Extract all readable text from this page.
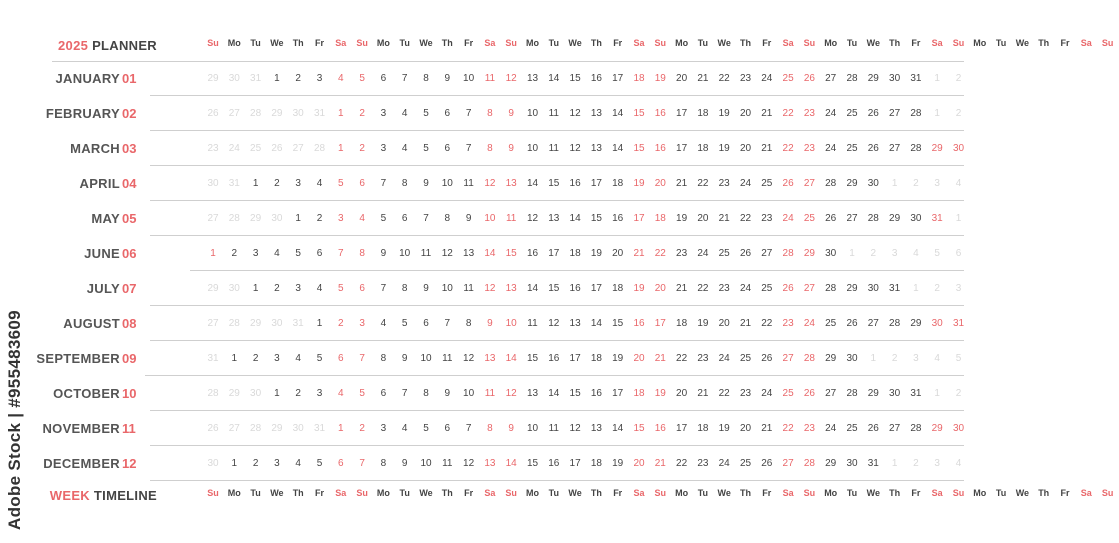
2025 PLANNER	Su	Mo	Tu	We	Th	Fr	Sa	Su	Mo	Tu	We	Th	Fr	Sa	Su	Mo	Tu	We	Th	Fr	Sa	Su	Mo	Tu	We	Th	Fr	Sa	Su	Mo	Tu	We	Th	Fr	Sa	Su	Mo	Tu	We	Th	Fr	Sa	Su
JANUARY 01	29	30	31	1	2	3	4	5	6	7	8	9	10	11	12	13	14	15	16	17	18	19	20	21	22	23	24	25	26	27	28	29	30	31	1	2
FEBRUARY 02	26	27	28	29	30	31	1	2	3	4	5	6	7	8	9	10	11	12	13	14	15	16	17	18	19	20	21	22	23	24	25	26	27	28	1	2
MARCH 03	23	24	25	26	27	28	1	2	3	4	5	6	7	8	9	10	11	12	13	14	15	16	17	18	19	20	21	22	23	24	25	26	27	28	29	30
APRIL 04	30	31	1	2	3	4	5	6	7	8	9	10	11	12	13	14	15	16	17	18	19	20	21	22	23	24	25	26	27	28	29	30	1	2	3	4
MAY 05	27	28	29	30	1	2	3	4	5	6	7	8	9	10	11	12	13	14	15	16	17	18	19	20	21	22	23	24	25	26	27	28	29	30	31	1
JUNE 06	1	2	3	4	5	6	7	8	9	10	11	12	13	14	15	16	17	18	19	20	21	22	23	24	25	26	27	28	29	30	1	2	3	4	5	6
JULY 07	29	30	1	2	3	4	5	6	7	8	9	10	11	12	13	14	15	16	17	18	19	20	21	22	23	24	25	26	27	28	29	30	31	1	2	3
AUGUST 08	27	28	29	30	31	1	2	3	4	5	6	7	8	9	10	11	12	13	14	15	16	17	18	19	20	21	22	23	24	25	26	27	28	29	30	31
SEPTEMBER 09	31	1	2	3	4	5	6	7	8	9	10	11	12	13	14	15	16	17	18	19	20	21	22	23	24	25	26	27	28	29	30	1	2	3	4	5
OCTOBER 10	28	29	30	1	2	3	4	5	6	7	8	9	10	11	12	13	14	15	16	17	18	19	20	21	22	23	24	25	26	27	28	29	30	31	1	2
NOVEMBER 11	26	27	28	29	30	31	1	2	3	4	5	6	7	8	9	10	11	12	13	14	15	16	17	18	19	20	21	22	23	24	25	26	27	28	29	30
DECEMBER 12	30	1	2	3	4	5	6	7	8	9	10	11	12	13	14	15	16	17	18	19	20	21	22	23	24	25	26	27	28	29	30	31	1	2	3	4
WEEK TIMELINE	Su	Mo	Tu	We	Th	Fr	Sa	Su	Mo	Tu	We	Th	Fr	Sa	Su	Mo	Tu	We	Th	Fr	Sa	Su	Mo	Tu	We	Th	Fr	Sa	Su	Mo	Tu	We	Th	Fr	Sa	Su	Mo	Tu	We	Th	Fr	Sa	Su
Adobe Stock | #955483609
